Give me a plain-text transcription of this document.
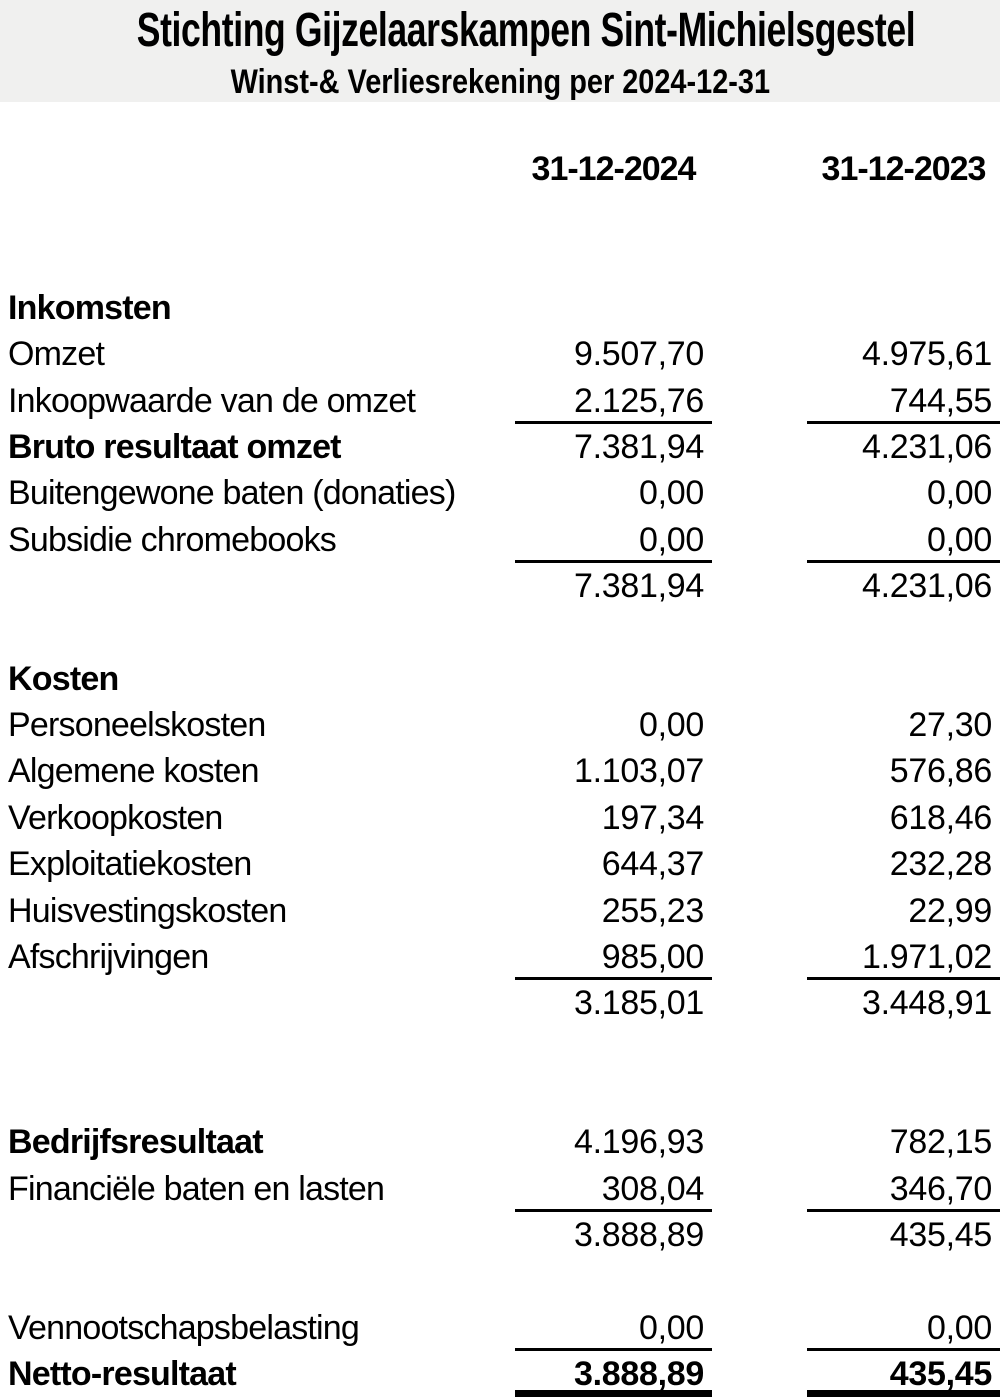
Stichting Gijzelaarskampen Sint-Michielsgestel
Winst-& Verliesrekening per 2024-12-31
31-12-2024	31-12-2023
Inkomsten
Omzet	9.507,70	4.975,61
Inkoopwaarde van de omzet	2.125,76	744,55
Bruto resultaat omzet	7.381,94	4.231,06
Buitengewone baten (donaties)	0,00	0,00
Subsidie chromebooks	0,00	0,00
7.381,94	4.231,06
Kosten
Personeelskosten	0,00	27,30
Algemene kosten	1.103,07	576,86
Verkoopkosten	197,34	618,46
Exploitatiekosten	644,37	232,28
Huisvestingskosten	255,23	22,99
Afschrijvingen	985,00	1.971,02
3.185,01	3.448,91
Bedrijfsresultaat	4.196,93	782,15
Financiële baten en lasten	308,04	346,70
3.888,89	435,45
Vennootschapsbelasting	0,00	0,00
Netto-resultaat	3.888,89	435,45
